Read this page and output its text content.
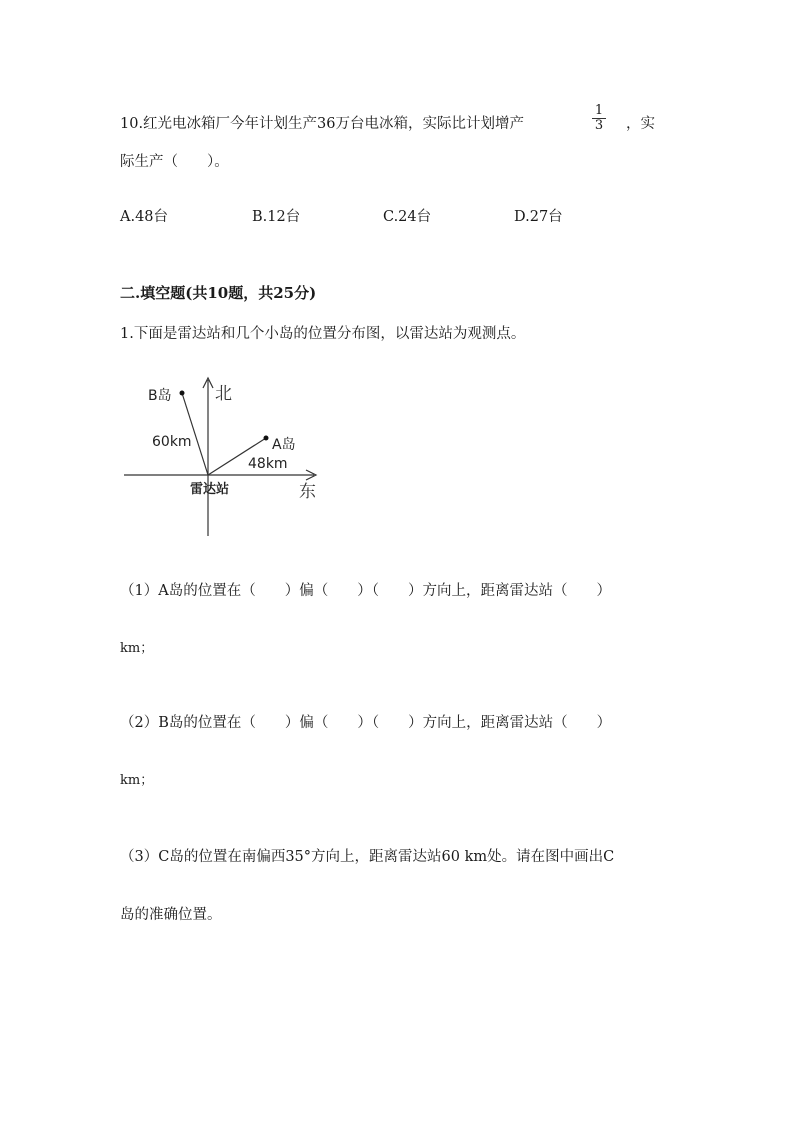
10.红光电冰箱厂今年计划生产36万台电冰箱，实际比计划增产	$\frac{1}{3}$ ，实
际生产（　　）。
A.48台	B.12台	C.24台	D.27台
二.填空题(共10题，共25分)
1.下面是雷达站和几个小岛的位置分布图，以雷达站为观测点。
北
东
B岛
A岛
60km
48km
雷达站
（1）A岛的位置在（　　）偏（　　）（　　）方向上，距离雷达站（　　）
km；
（2）B岛的位置在（　　）偏（　　）（　　）方向上，距离雷达站（　　）
km；
（3）C岛的位置在南偏西35°方向上，距离雷达站60 km处。请在图中画出C
岛的准确位置。
